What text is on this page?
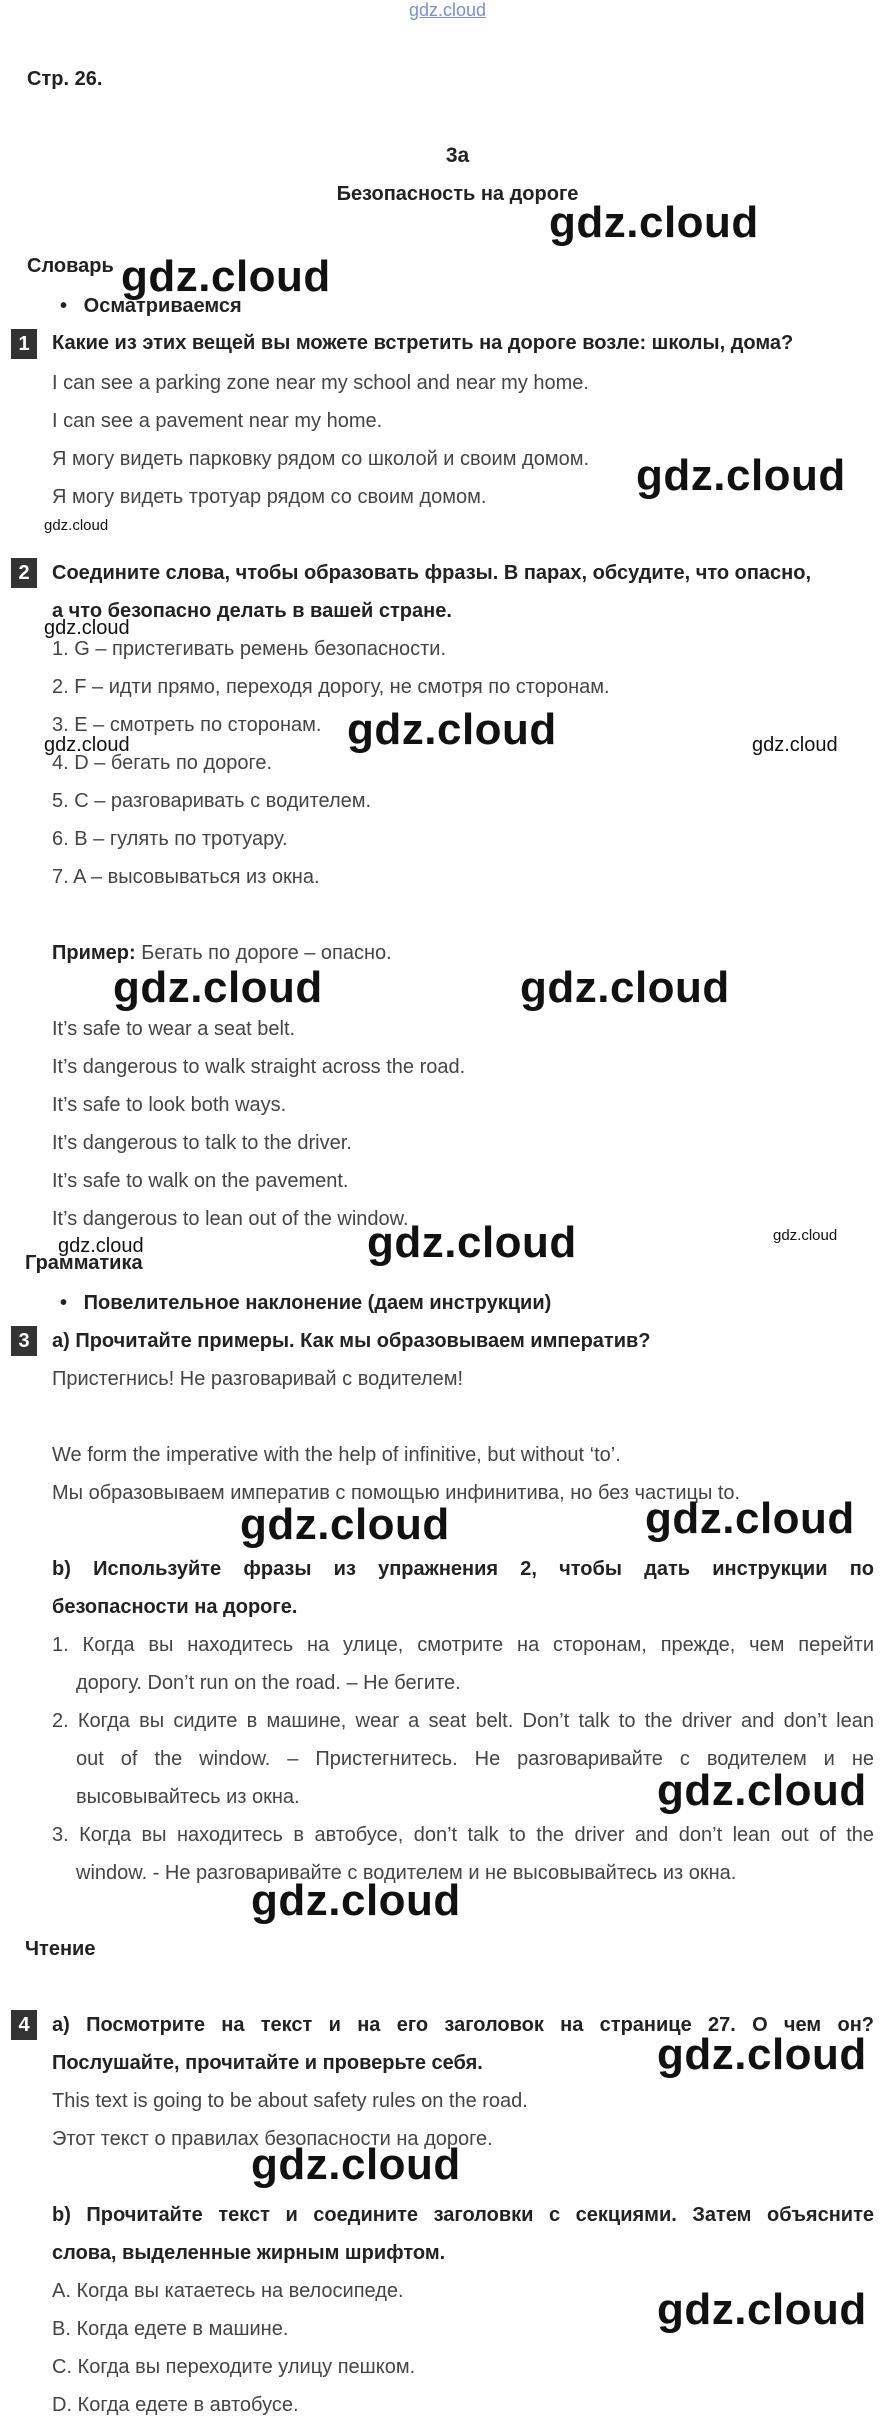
gdz.cloud
Стр. 26.
3a
Безопасность на дороге
Словарь
•   Осматриваемся
1	Какие из этих вещей вы можете встретить на дороге возле: школы, дома?
I can see a parking zone near my school and near my home.
I can see a pavement near my home.
Я могу видеть парковку рядом со школой и своим домом.
Я могу видеть тротуар рядом со своим домом.
2	Соедините слова, чтобы образовать фразы. В парах, обсудите, что опасно,
а что безопасно делать в вашей стране.
1. G – пристегивать ремень безопасности.
2. F – идти прямо, переходя дорогу, не смотря по сторонам.
3. E – смотреть по сторонам.
4. D – бегать по дороге.
5. C – разговаривать с водителем.
6. B – гулять по тротуару.
7. A – высовываться из окна.
Пример: Бегать по дороге – опасно.
It’s safe to wear a seat belt.
It’s dangerous to walk straight across the road.
It’s safe to look both ways.
It’s dangerous to talk to the driver.
It’s safe to walk on the pavement.
It’s dangerous to lean out of the window.
Грамматика
•   Повелительное наклонение (даем инструкции)
3	a) Прочитайте примеры. Как мы образовываем императив?
Пристегнись! Не разговаривай с водителем!
We form the imperative with the help of infinitive, but without ‘to’.
Мы образовываем императив с помощью инфинитива, но без частицы to.
b) Используйте фразы из упражнения 2, чтобы дать инструкции по
безопасности на дороге.
1. Когда вы находитесь на улице, смотрите на сторонам, прежде, чем перейти
дорогу. Don’t run on the road. – Не бегите.
2. Когда вы сидите в машине, wear a seat belt. Don’t talk to the driver and don’t lean
out of the window. – Пристегнитесь. Не разговаривайте с водителем и не
высовывайтесь из окна.
3. Когда вы находитесь в автобусе, don’t talk to the driver and don’t lean out of the
window. - Не разговаривайте с водителем и не высовывайтесь из окна.
Чтение
4	a) Посмотрите на текст и на его заголовок на странице 27. О чем он?
Послушайте, прочитайте и проверьте себя.
This text is going to be about safety rules on the road.
Этот текст о правилах безопасности на дороге.
b) Прочитайте текст и соедините заголовки с секциями. Затем объясните
слова, выделенные жирным шрифтом.
A. Когда вы катаетесь на велосипеде.
B. Когда едете в машине.
C. Когда вы переходите улицу пешком.
D. Когда едете в автобусе.
gdz.cloud
gdz.cloud
gdz.cloud
gdz.cloud
gdz.cloud
gdz.cloud	gdz.cloud	gdz.cloud
gdz.cloud	gdz.cloud
gdz.cloud	gdz.cloud	gdz.cloud
gdz.cloud	gdz.cloud
gdz.cloud
gdz.cloud
gdz.cloud
gdz.cloud
gdz.cloud
